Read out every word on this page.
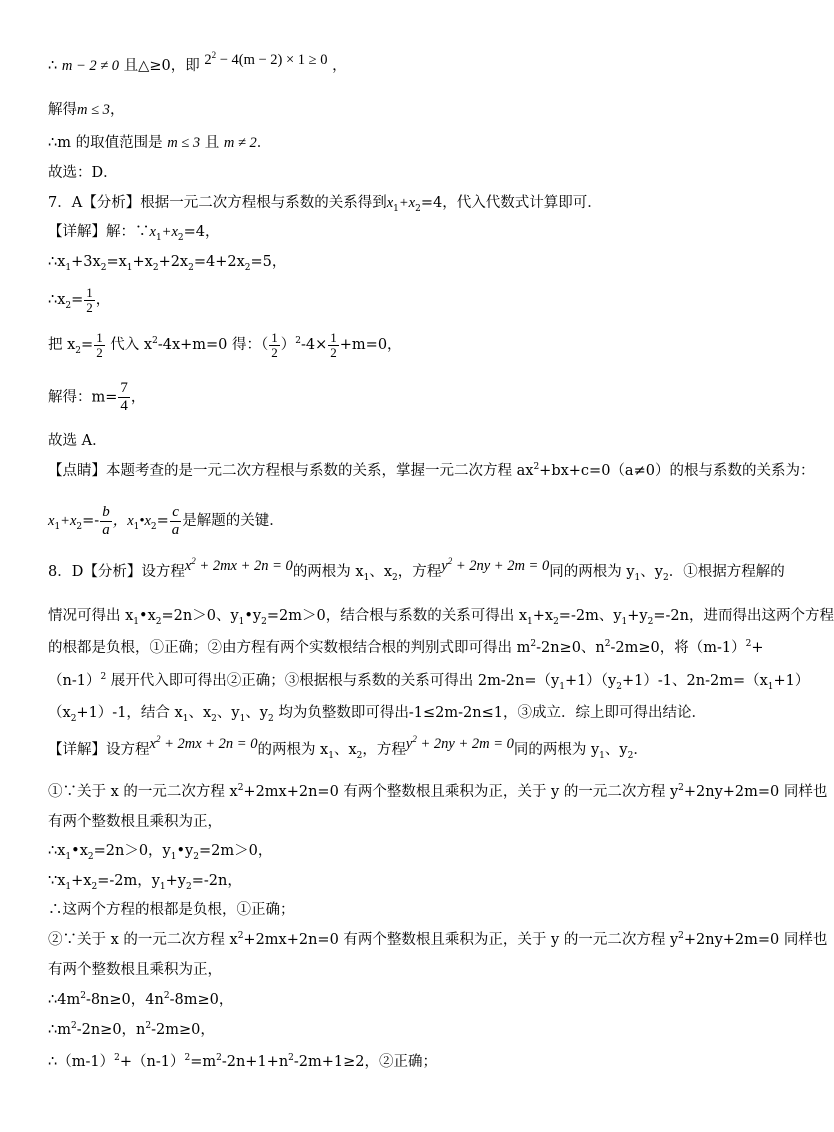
∴ m − 2 ≠ 0 且△≥0，即 $2^2 - 4(m - 2) \times 1 \ge 0$ ，
解得m ≤ 3，
∴m 的取值范围是 m ≤ 3 且 m ≠ 2．
故选：D．
7．A【分析】根据一元二次方程根与系数的关系得到$x_1+x_2=4$，代入代数式计算即可．
【详解】解：$\because x_1+x_2=4$，
$\therefore x_1+3x_2=x_1+x_2+2x_2=4+2x_2=5$，
$\therefore x_2= \frac{1}{2}$ ，
把 $x_2= \frac{1}{2}$ 代入 $x^2-4x+m=0$ 得：（ $\frac{1}{2} )^2-4\times \frac{1}{2} +m=0$，
解得：$m= \frac{7}{4}$ ，
故选 A．
【点睛】本题考查的是一元二次方程根与系数的关系，掌握一元二次方程 $ax^2+bx+c=0(a\ne 0)$的根与系数的关系为：
$x_1+x_2=- \frac{b}{a}$ ，$x_1•x_2= \frac{c}{a}$ 是解题的关键．
8．D【分析】设方程$x^2 + 2mx + 2n = 0$的两根为 $x_1$、$x_2$，方程$y^2 + 2ny + 2m = 0$同的两根为 $y_1$、$y_2$．①根据方程解的
情况可得出 $x_1•x_2=2n>0$、$y_1•y_2=2m>0$，结合根与系数的关系可得出 $x_1+x_2=-2m$、$y_1+y_2=-2n$，进而得出这两个方程
的根都是负根，①正确；②由方程有两个实数根结合根的判别式即可得出 $m^2-2n\ge 0$、$n^2-2m\ge 0$，将$(m-1)^2+$
$(n-1)^2$ 展开代入即可得出②正确；③根据根与系数的关系可得出 $2m-2n=(y_1+1)(y_2+1)-1$、$2n-2m=(x_1+1)$
$(x_2+1)-1$，结合 $x_1$、$x_2$、$y_1$、$y_2$ 均为负整数即可得出-1≤2m-2n≤1，③成立．综上即可得出结论．
【详解】设方程$x^2 + 2mx + 2n = 0$的两根为 $x_1$、$x_2$，方程$y^2 + 2ny + 2m = 0$同的两根为 $y_1$、$y_2$．
①∵关于 x 的一元二次方程 $x^2+2mx+2n=0$ 有两个整数根且乘积为正，关于 y 的一元二次方程 $y^2+2ny+2m=0$ 同样也
有两个整数根且乘积为正，
$\therefore x_1•x_2=2n>0$，$y_1•y_2=2m>0$，
$\because x_1+x_2=-2m$，$y_1+y_2=-2n$，
∴这两个方程的根都是负根，①正确；
②∵关于 x 的一元二次方程 $x^2+2mx+2n=0$ 有两个整数根且乘积为正，关于 y 的一元二次方程 $y^2+2ny+2m=0$ 同样也
有两个整数根且乘积为正，
$\therefore 4m^2-8n\ge 0$，$4n^2-8m\ge 0$，
$\therefore m^2-2n\ge 0$，$n^2-2m\ge 0$，
$\therefore(m-1)^2+(n-1)^2=m^2-2n+1+n^2-2m+1\ge 2$，②正确；
